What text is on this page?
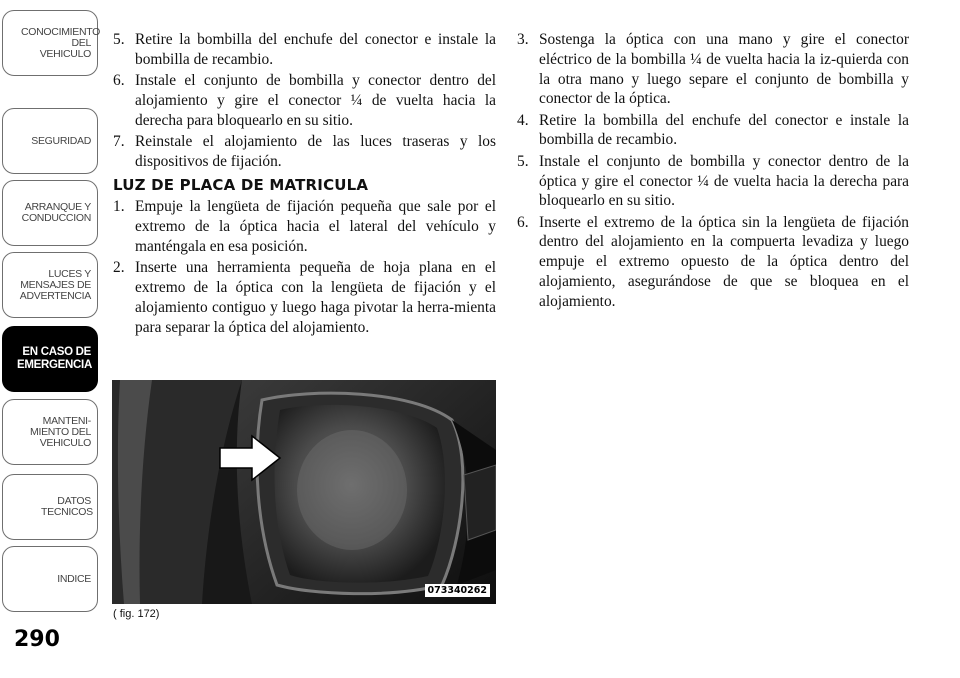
CONOCIMIENTO DEL VEHICULO
SEGURIDAD
ARRANQUE Y CONDUCCION
LUCES Y MENSAJES DE ADVERTENCIA
EN CASO DE EMERGENCIA
MANTENI- MIENTO DEL VEHICULO
DATOS TECNICOS
INDICE
290
5. Retire la bombilla del enchufe del conector e instale la bombilla de recambio.
6. Instale el conjunto de bombilla y conector dentro del alojamiento y gire el conector ¼ de vuelta hacia la derecha para bloquearlo en su sitio.
7. Reinstale el alojamiento de las luces traseras y los dispositivos de fijación.
LUZ DE PLACA DE MATRICULA
1. Empuje la lengüeta de fijación pequeña que sale por el extremo de la óptica hacia el lateral del vehículo y manténgala en esa posición.
2. Inserte una herramienta pequeña de hoja plana en el extremo de la óptica con la lengüeta de fijación y el alojamiento contiguo y luego haga pivotar la herra-mienta para separar la óptica del alojamiento.
3. Sostenga la óptica con una mano y gire el conector eléctrico de la bombilla ¼ de vuelta hacia la iz-quierda con la otra mano y luego separe el conjunto de bombilla y conector de la óptica.
4. Retire la bombilla del enchufe del conector e instale la bombilla de recambio.
5. Instale el conjunto de bombilla y conector dentro de la óptica y gire el conector ¼ de vuelta hacia la derecha para bloquearlo en su sitio.
6. Inserte el extremo de la óptica sin la lengüeta de fijación dentro del alojamiento en la compuerta levadiza y luego empuje el extremo opuesto de la óptica dentro del alojamiento, asegurándose de que se bloquea en el alojamiento.
073340262
( fig. 172)
